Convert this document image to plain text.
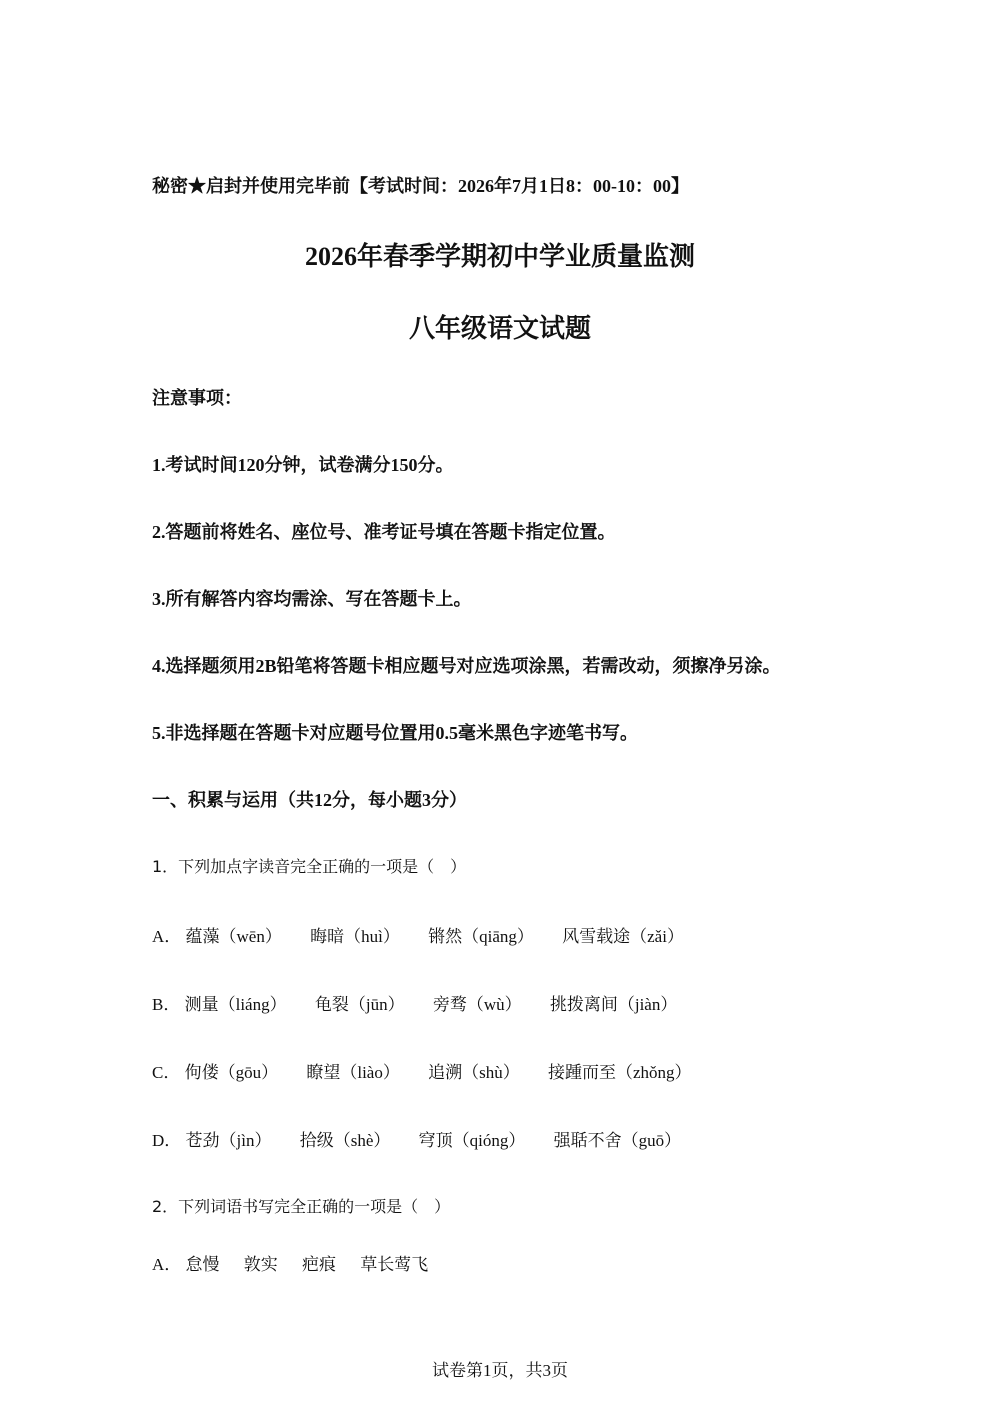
秘密★启封并使用完毕前【考试时间：2026年7月1日8：00-10：00】
2026年春季学期初中学业质量监测
八年级语文试题
注意事项：
1.考试时间120分钟，试卷满分150分。
2.答题前将姓名、座位号、准考证号填在答题卡指定位置。
3.所有解答内容均需涂、写在答题卡上。
4.选择题须用2B铅笔将答题卡相应题号对应选项涂黑，若需改动，须擦净另涂。
5.非选择题在答题卡对应题号位置用0.5毫米黑色字迹笔书写。
一、积累与运用（共12分，每小题3分）
1．下列加点字读音完全正确的一项是（　）
A． 蕴藻（wēn） 晦暗（huì） 锵然（qiāng） 风雪载途（zǎi）
B． 测量（liáng） 龟裂（jūn） 旁骛（wù） 挑拨离间（jiàn）
C． 佝偻（gōu） 瞭望（liào） 追溯（shù） 接踵而至（zhǒng）
D． 苍劲（jìn） 拾级（shè） 穹顶（qióng） 强聒不舍（guō）
2．下列词语书写完全正确的一项是（　）
A． 怠慢 敦实 疤痕 草长莺飞
试卷第1页，共3页
